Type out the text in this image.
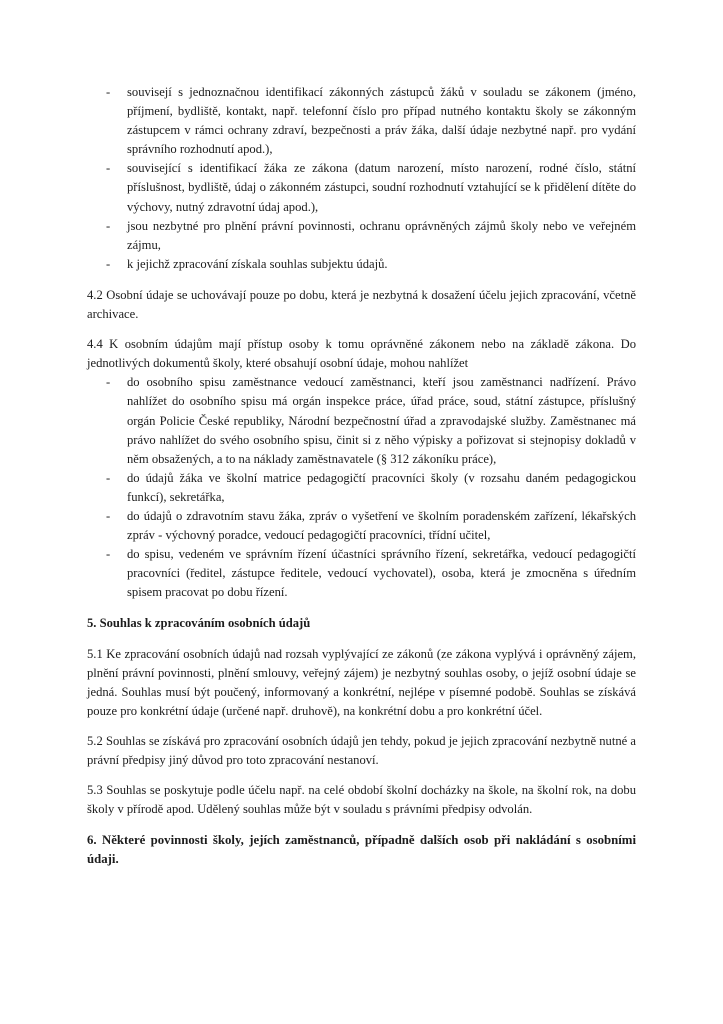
- souvisejí s jednoznačnou identifikací zákonných zástupců žáků v souladu se zákonem (jméno, příjmení, bydliště, kontakt, např. telefonní číslo pro případ nutného kontaktu školy se zákonným zástupcem v rámci ochrany zdraví, bezpečnosti a práv žáka, další údaje nezbytné např. pro vydání správního rozhodnutí apod.),
- související s identifikací žáka ze zákona (datum narození, místo narození, rodné číslo, státní příslušnost, bydliště, údaj o zákonném zástupci, soudní rozhodnutí vztahující se k přidělení dítěte do výchovy, nutný zdravotní údaj apod.),
- jsou nezbytné pro plnění právní povinnosti, ochranu oprávněných zájmů školy nebo ve veřejném zájmu,
- k jejichž zpracování získala souhlas subjektu údajů.

4.2 Osobní údaje se uchovávají pouze po dobu, která je nezbytná k dosažení účelu jejich zpracování, včetně archivace.

4.4 K osobním údajům mají přístup osoby k tomu oprávněné zákonem nebo na základě zákona. Do jednotlivých dokumentů školy, které obsahují osobní údaje, mohou nahlížet

- do osobního spisu zaměstnance vedoucí zaměstnanci, kteří jsou zaměstnanci nadřízení. Právo nahlížet do osobního spisu má orgán inspekce práce, úřad práce, soud, státní zástupce, příslušný orgán Policie České republiky, Národní bezpečnostní úřad a zpravodajské služby. Zaměstnanec má právo nahlížet do svého osobního spisu, činit si z něho výpisky a pořizovat si stejnopisy dokladů v něm obsažených, a to na náklady zaměstnavatele (§ 312 zákoníku práce),
- do údajů žáka ve školní matrice pedagogičtí pracovníci školy (v rozsahu daném pedagogickou funkcí), sekretářka,
- do údajů o zdravotním stavu žáka, zpráv o vyšetření ve školním poradenském zařízení, lékařských zpráv - výchovný poradce, vedoucí pedagogičtí pracovníci, třídní učitel,
- do spisu, vedeném ve správním řízení účastníci správního řízení, sekretářka, vedoucí pedagogičtí pracovníci (ředitel, zástupce ředitele, vedoucí vychovatel), osoba, která je zmocněna s úředním spisem pracovat po dobu řízení.
5. Souhlas k zpracováním osobních údajů

5.1 Ke zpracování osobních údajů nad rozsah vyplývající ze zákonů (ze zákona vyplývá i oprávněný zájem, plnění právní povinnosti, plnění smlouvy, veřejný zájem) je nezbytný souhlas osoby, o jejíž osobní údaje se jedná. Souhlas musí být poučený, informovaný a konkrétní, nejlépe v písemné podobě. Souhlas se získává pouze pro konkrétní údaje (určené např. druhově), na konkrétní dobu a pro konkrétní účel.

5.2 Souhlas se získává pro zpracování osobních údajů jen tehdy, pokud je jejich zpracování nezbytně nutné a právní předpisy jiný důvod pro toto zpracování nestanoví.

5.3 Souhlas se poskytuje podle účelu např. na celé období školní docházky na škole, na školní rok, na dobu školy v přírodě apod. Udělený souhlas může být v souladu s právními předpisy odvolán.

6. Některé povinnosti školy, jejích zaměstnanců, případně dalších osob při nakládání s osobními údaji.
